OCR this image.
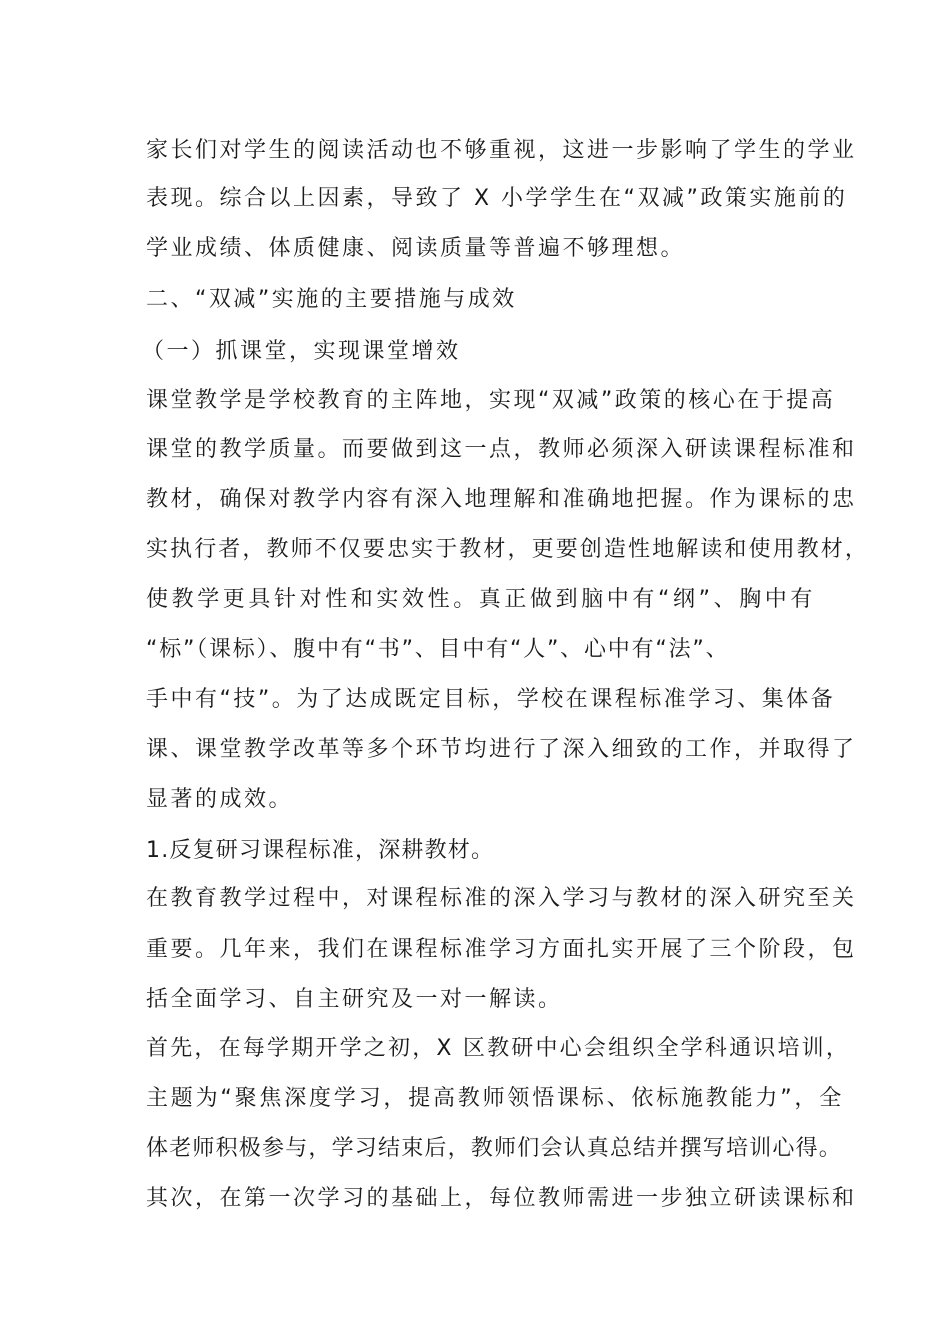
家长们对学生的阅读活动也不够重视，这进一步影响了学生的学业
表现。综合以上因素，导致了 X 小学学生在“双减”政策实施前的
学业成绩、体质健康、阅读质量等普遍不够理想。
二、“双减”实施的主要措施与成效
（一）抓课堂，实现课堂增效
课堂教学是学校教育的主阵地，实现“双减”政策的核心在于提高
课堂的教学质量。而要做到这一点，教师必须深入研读课程标准和
教材，确保对教学内容有深入地理解和准确地把握。作为课标的忠
实执行者，教师不仅要忠实于教材，更要创造性地解读和使用教材，
使教学更具针对性和实效性。真正做到脑中有“纲”、胸中有
“标”（课标）、腹中有“书”、目中有“人”、心中有“法”、
手中有“技”。为了达成既定目标，学校在课程标准学习、集体备
课、课堂教学改革等多个环节均进行了深入细致的工作，并取得了
显著的成效。
1.反复研习课程标准，深耕教材。
在教育教学过程中，对课程标准的深入学习与教材的深入研究至关
重要。几年来，我们在课程标准学习方面扎实开展了三个阶段，包
括全面学习、自主研究及一对一解读。
首先，在每学期开学之初，X 区教研中心会组织全学科通识培训，
主题为“聚焦深度学习，提高教师领悟课标、依标施教能力”，全
体老师积极参与，学习结束后，教师们会认真总结并撰写培训心得。
其次，在第一次学习的基础上，每位教师需进一步独立研读课标和
